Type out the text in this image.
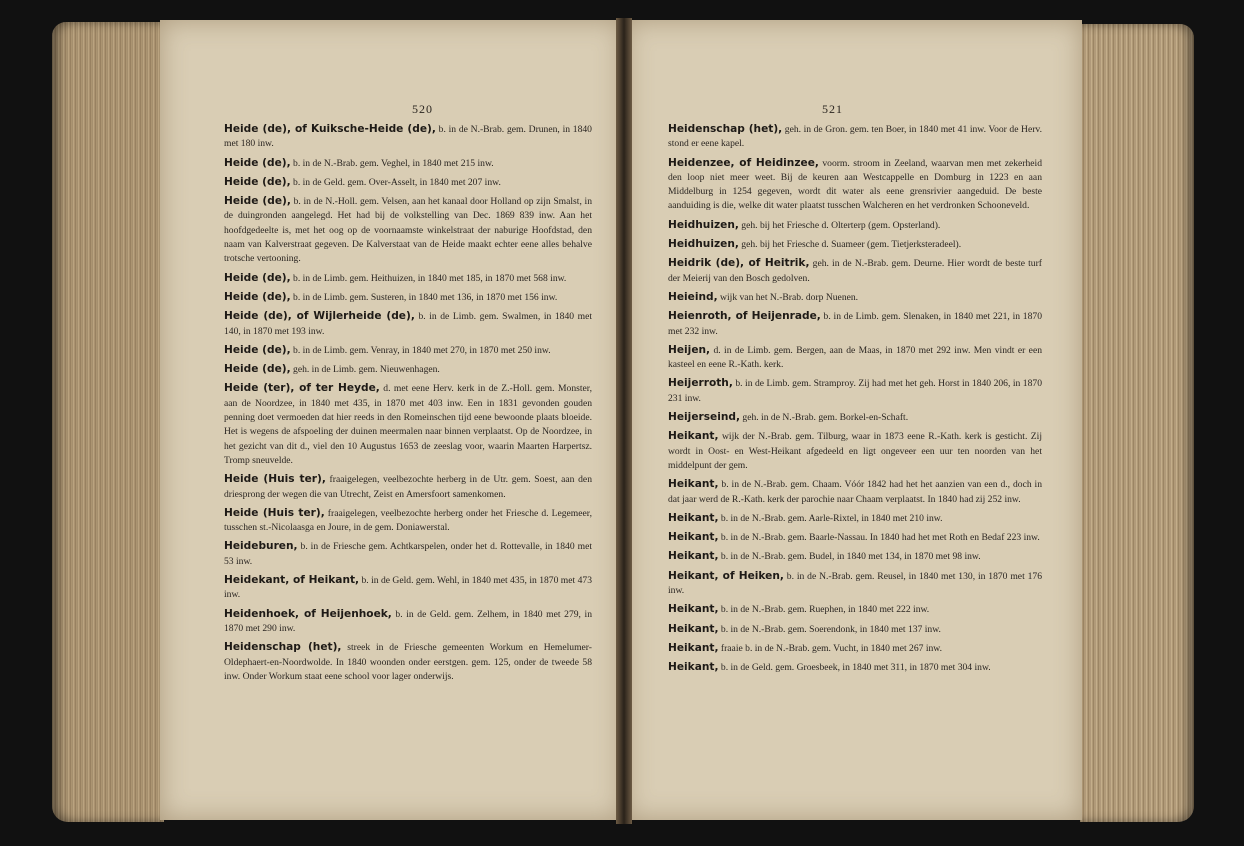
520

Heide (de), of Kuiksche-Heide (de), b. in de N.-Brab. gem. Drunen, in 1840 met 180 inw.

Heide (de), b. in de N.-Brab. gem. Veghel, in 1840 met 215 inw.

Heide (de), b. in de Geld. gem. Over-Asselt, in 1840 met 207 inw.

Heide (de), b. in de N.-Holl. gem. Velsen, aan het kanaal door Holland op zijn Smalst, in de duingronden aangelegd. Het had bij de volkstelling van Dec. 1869 839 inw. Aan het hoofdgedeelte is, met het oog op de voornaamste winkelstraat der naburige Hoofdstad, den naam van Kalverstraat gegeven. De Kalverstaat van de Heide maakt echter eene alles behalve trotsche vertooning.

Heide (de), b. in de Limb. gem. Heithuizen, in 1840 met 185, in 1870 met 568 inw.

Heide (de), b. in de Limb. gem. Susteren, in 1840 met 136, in 1870 met 156 inw.

Heide (de), of Wijlerheide (de), b. in de Limb. gem. Swalmen, in 1840 met 140, in 1870 met 193 inw.

Heide (de), b. in de Limb. gem. Venray, in 1840 met 270, in 1870 met 250 inw.

Heide (de), geh. in de Limb. gem. Nieuwenhagen.

Heide (ter), of ter Heyde, d. met eene Herv. kerk in de Z.-Holl. gem. Monster, aan de Noordzee, in 1840 met 435, in 1870 met 403 inw. Een in 1831 gevonden gouden penning doet vermoeden dat hier reeds in den Romeinschen tijd eene bewoonde plaats bloeide. Het is wegens de afspoeling der duinen meermalen naar binnen verplaatst. Op de Noordzee, in het gezicht van dit d., viel den 10 Augustus 1653 de zeeslag voor, waarin Maarten Harpertsz. Tromp sneuvelde.

Heide (Huis ter), fraaigelegen, veelbezochte herberg in de Utr. gem. Soest, aan den driesprong der wegen die van Utrecht, Zeist en Amersfoort samenkomen.

Heide (Huis ter), fraaigelegen, veelbezochte herberg onder het Friesche d. Legemeer, tusschen st.-Nicolaasga en Joure, in de gem. Doniawerstal.

Heideburen, b. in de Friesche gem. Achtkarspelen, onder het d. Rottevalle, in 1840 met 53 inw.

Heidekant, of Heikant, b. in de Geld. gem. Wehl, in 1840 met 435, in 1870 met 473 inw.

Heidenhoek, of Heijenhoek, b. in de Geld. gem. Zelhem, in 1840 met 279, in 1870 met 290 inw.

Heidenschap (het), streek in de Friesche gemeenten Workum en Hemelumer-Oldephaert-en-Noordwolde. In 1840 woonden onder eerstgen. gem. 125, onder de tweede 58 inw. Onder Workum staat eene school voor lager onderwijs.

521

Heidenschap (het), geh. in de Gron. gem. ten Boer, in 1840 met 41 inw. Voor de Herv. stond er eene kapel.

Heidenzee, of Heidinzee, voorm. stroom in Zeeland, waarvan men met zekerheid den loop niet meer weet. Bij de keuren aan Westcappelle en Domburg in 1223 en aan Middelburg in 1254 gegeven, wordt dit water als eene grensrivier aangeduid. De beste aanduiding is die, welke dit water plaatst tusschen Walcheren en het verdronken Schooneveld.

Heidhuizen, geh. bij het Friesche d. Olterterp (gem. Opsterland).

Heidhuizen, geh. bij het Friesche d. Suameer (gem. Tietjerksteradeel).

Heidrik (de), of Heitrik, geh. in de N.-Brab. gem. Deurne. Hier wordt de beste turf der Meierij van den Bosch gedolven.

Heieind, wijk van het N.-Brab. dorp Nuenen.

Heienroth, of Heijenrade, b. in de Limb. gem. Slenaken, in 1840 met 221, in 1870 met 232 inw.

Heijen, d. in de Limb. gem. Bergen, aan de Maas, in 1870 met 292 inw. Men vindt er een kasteel en eene R.-Kath. kerk.

Heijerroth, b. in de Limb. gem. Stramproy. Zij had met het geh. Horst in 1840 206, in 1870 231 inw.

Heijerseind, geh. in de N.-Brab. gem. Borkel-en-Schaft.

Heikant, wijk der N.-Brab. gem. Tilburg, waar in 1873 eene R.-Kath. kerk is gesticht. Zij wordt in Oost- en West-Heikant afgedeeld en ligt ongeveer een uur ten noorden van het middelpunt der gem.

Heikant, b. in de N.-Brab. gem. Chaam. Vóór 1842 had het het aanzien van een d., doch in dat jaar werd de R.-Kath. kerk der parochie naar Chaam verplaatst. In 1840 had zij 252 inw.

Heikant, b. in de N.-Brab. gem. Aarle-Rixtel, in 1840 met 210 inw.

Heikant, b. in de N.-Brab. gem. Baarle-Nassau. In 1840 had het met Roth en Bedaf 223 inw.

Heikant, b. in de N.-Brab. gem. Budel, in 1840 met 134, in 1870 met 98 inw.

Heikant, of Heiken, b. in de N.-Brab. gem. Reusel, in 1840 met 130, in 1870 met 176 inw.

Heikant, b. in de N.-Brab. gem. Ruephen, in 1840 met 222 inw.

Heikant, b. in de N.-Brab. gem. Soerendonk, in 1840 met 137 inw.

Heikant, fraaie b. in de N.-Brab. gem. Vucht, in 1840 met 267 inw.

Heikant, b. in de Geld. gem. Groesbeek, in 1840 met 311, in 1870 met 304 inw.
